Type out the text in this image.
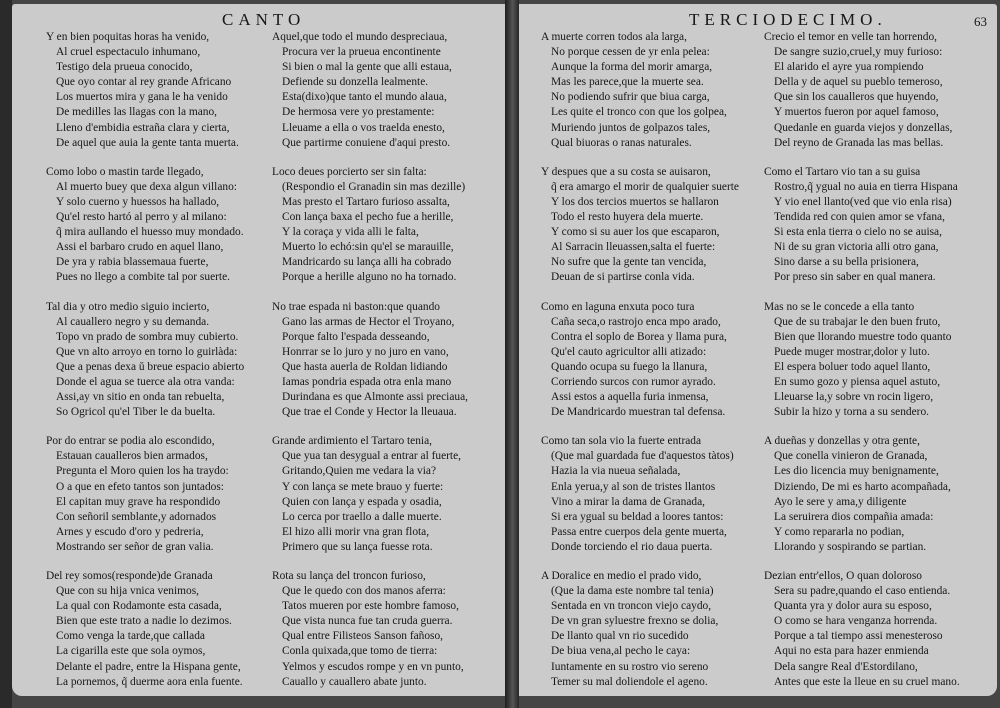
CANTO
Y en bien poquitas horas ha venido,
Al cruel espectaculo inhumano,
Testigo dela prueua conocido,
Que oyo contar al rey grande Africano
Los muertos mira y gana le ha venido
De medilles las llagas con la mano,
Lleno d'embidia estraña clara y cierta,
De aquel que auia la gente tanta muerta.
Como lobo o mastin tarde llegado,
Al muerto buey que dexa algun villano:
Y solo cuerno y huessos ha hallado,
Qu'el resto hartó al perro y al milano:
q̃ mira aullando el huesso muy mondado.
Assi el barbaro crudo en aquel llano,
De yra y rabia blassemaua fuerte,
Pues no llego a combite tal por suerte.
Tal dia y otro medio siguio incierto,
Al cauallero negro y su demanda.
Topo vn prado de sombra muy cubierto.
Que vn alto arroyo en torno lo guirlàda:
Que a penas dexa ŭ breue espacio abierto
Donde el agua se tuerce ala otra vanda:
Assi,ay vn sitio en onda tan rebuelta,
So Ogricol qu'el Tiber le da buelta.
Por do entrar se podia alo escondido,
Estauan caualleros bien armados,
Pregunta el Moro quien los ha traydo:
O a que en efeto tantos son juntados:
El capitan muy grave ha respondido
Con señoril semblante,y adornados
Arnes y escudo d'oro y pedreria,
Mostrando ser señor de gran valia.
Del rey somos(responde)de Granada
Que con su hija vnica venimos,
La qual con Rodamonte esta casada,
Bien que este trato a nadie lo dezimos.
Como venga la tarde,que callada
La cigarilla este que sola oymos,
Delante el padre, entre la Hispana gente,
La pornemos, q̃ duerme aora enla fuente.
Aquel,que todo el mundo despreciaua,
Procura ver la prueua encontinente
Si bien o mal la gente que alli estaua,
Defiende su donzella lealmente.
Esta(dixo)que tanto el mundo alaua,
De hermosa vere yo prestamente:
Lleuame a ella o vos traelda enesto,
Que partirme conuiene d'aqui presto.
Loco deues porcierto ser sin falta:
(Respondio el Granadin sin mas dezille)
Mas presto el Tartaro furioso assalta,
Con lança baxa el pecho fue a herille,
Y la coraça y vida alli le falta,
Muerto lo echó:sin qu'el se marauille,
Mandricardo su lança alli ha cobrado
Porque a herille alguno no ha tornado.
No trae espada ni baston:que quando
Gano las armas de Hector el Troyano,
Porque falto l'espada desseando,
Honrrar se lo juro y no juro en vano,
Que hasta auerla de Roldan lidiando
Iamas pondria espada otra enla mano
Durindana es que Almonte assi preciaua,
Que trae el Conde y Hector la lleuaua.
Grande ardimiento el Tartaro tenia,
Que yua tan desygual a entrar al fuerte,
Gritando,Quien me vedara la via?
Y con lança se mete brauo y fuerte:
Quien con lança y espada y osadia,
Lo cerca por traello a dalle muerte.
El hizo alli morir vna gran flota,
Primero que su lança fuesse rota.
Rota su lança del troncon furioso,
Que le quedo con dos manos aferra:
Tatos mueren por este hombre famoso,
Que vista nunca fue tan cruda guerra.
Qual entre Filisteos Sanson fañoso,
Conla quixada,que tomo de tierra:
Yelmos y escudos rompe y en vn punto,
Cauallo y cauallero abate junto.
TERCIODECIMO.	63
A muerte corren todos ala larga,
No porque cessen de yr enla pelea:
Aunque la forma del morir amarga,
Mas les parece,que la muerte sea.
No podiendo sufrir que biua carga,
Les quite el tronco con que los golpea,
Muriendo juntos de golpazos tales,
Qual biuoras o ranas naturales.
Y despues que a su costa se auisaron,
q̃ era amargo el morir de qualquier suerte
Y los dos tercios muertos se hallaron
Todo el resto huyera dela muerte.
Y como si su auer los que escaparon,
Al Sarracin lleuassen,salta el fuerte:
No sufre que la gente tan vencida,
Deuan de si partirse conla vida.
Como en laguna enxuta poco tura
Caña seca,o rastrojo enca mpo arado,
Contra el soplo de Borea y llama pura,
Qu'el cauto agricultor alli atizado:
Quando ocupa su fuego la llanura,
Corriendo surcos con rumor ayrado.
Assi estos a aquella furia inmensa,
De Mandricardo muestran tal defensa.
Como tan sola vio la fuerte entrada
(Que mal guardada fue d'aquestos tàtos)
Hazia la via nueua señalada,
Enla yerua,y al son de tristes llantos
Vino a mirar la dama de Granada,
Si era ygual su beldad a loores tantos:
Passa entre cuerpos dela gente muerta,
Donde torciendo el rio daua puerta.
A Doralice en medio el prado vido,
(Que la dama este nombre tal tenia)
Sentada en vn troncon viejo caydo,
De vn gran syluestre frexno se dolia,
De llanto qual vn rio sucedido
De biua vena,al pecho le caya:
Iuntamente en su rostro vio sereno
Temer su mal doliendole el ageno.
Crecio el temor en velle tan horrendo,
De sangre suzio,cruel,y muy furioso:
El alarido el ayre yua rompiendo
Della y de aquel su pueblo temeroso,
Que sin los caualleros que huyendo,
Y muertos fueron por aquel famoso,
Quedanle en guarda viejos y donzellas,
Del reyno de Granada las mas bellas.
Como el Tartaro vio tan a su guisa
Rostro,q̃ ygual no auia en tierra Hispana
Y vio enel llanto(ved que vio enla risa)
Tendida red con quien amor se vfana,
Si esta enla tierra o cielo no se auisa,
Ni de su gran victoria alli otro gana,
Sino darse a su bella prisionera,
Por preso sin saber en qual manera.
Mas no se le concede a ella tanto
Que de su trabajar le den buen fruto,
Bien que llorando muestre todo quanto
Puede muger mostrar,dolor y luto.
El espera boluer todo aquel llanto,
En sumo gozo y piensa aquel astuto,
Lleuarse la,y sobre vn rocin ligero,
Subir la hizo y torna a su sendero.
A dueñas y donzellas y otra gente,
Que conella vinieron de Granada,
Les dio licencia muy benignamente,
Diziendo, De mi es harto acompañada,
Ayo le sere y ama,y diligente
La seruirera dios compañia amada:
Y como repararla no podian,
Llorando y sospirando se partian.
Dezian entr'ellos, O quan doloroso
Sera su padre,quando el caso entienda.
Quanta yra y dolor aura su esposo,
O como se hara venganza horrenda.
Porque a tal tiempo assi menesteroso
Aqui no esta para hazer enmienda
Dela sangre Real d'Estordilano,
Antes que este la lleue en su cruel mano.
